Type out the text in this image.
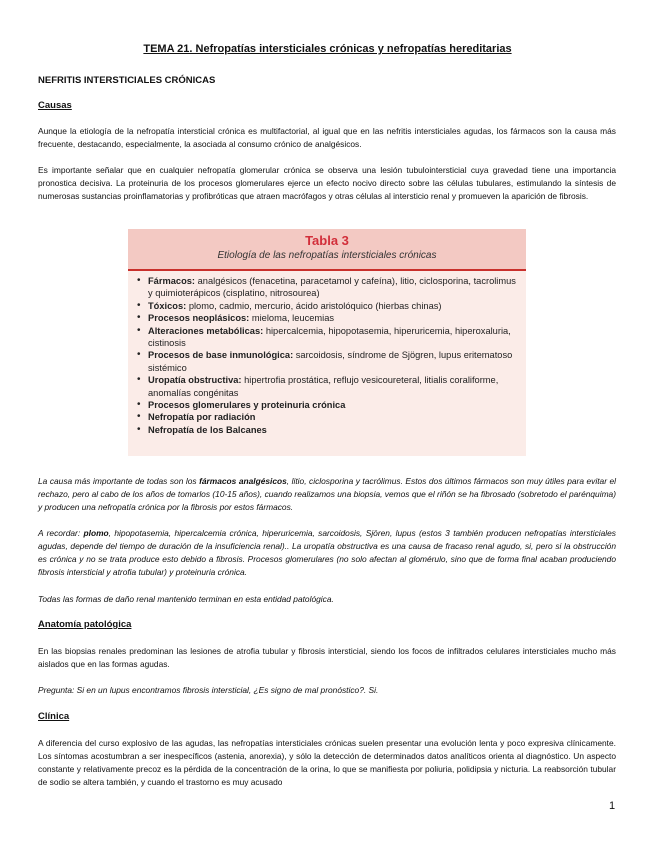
TEMA 21. Nefropatías intersticiales crónicas y nefropatías hereditarias

NEFRITIS INTERSTICIALES CRÓNICAS

Causas

Aunque la etiología de la nefropatía intersticial crónica es multifactorial, al igual que en las nefritis intersticiales agudas, los fármacos son la causa más frecuente, destacando, especialmente, la asociada al consumo crónico de analgésicos.

Es importante señalar que en cualquier nefropatía glomerular crónica se observa una lesión tubulointersticial cuya gravedad tiene una importancia pronostica decisiva. La proteinuria de los procesos glomerulares ejerce un efecto nocivo directo sobre las células tubulares, estimulando la síntesis de numerosas sustancias proinflamatorias y profibróticas que atraen macrófagos y otras células al intersticio renal y promueven la aparición de fibrosis.

Tabla 3
Etiología de las nefropatías intersticiales crónicas
• Fármacos: analgésicos (fenacetina, paracetamol y cafeína), litio, ciclosporina, tacrolimus y quimioterápicos (cisplatino, nitrosourea)
• Tóxicos: plomo, cadmio, mercurio, ácido aristolóquico (hierbas chinas)
• Procesos neoplásicos: mieloma, leucemias
• Alteraciones metabólicas: hipercalcemia, hipopotasemia, hiperuricemia, hiperoxaluria, cistinosis
• Procesos de base inmunológica: sarcoidosis, síndrome de Sjögren, lupus eritematoso sistémico
• Uropatía obstructiva: hipertrofia prostática, reflujo vesicoureteral, litialis coraliforme, anomalías congénitas
• Procesos glomerulares y proteinuria crónica
• Nefropatía por radiación
• Nefropatía de los Balcanes

La causa más importante de todas son los fármacos analgésicos, litio, ciclosporina y tacrólimus. Estos dos últimos fármacos son muy útiles para evitar el rechazo, pero al cabo de los años de tomarlos (10-15 años), cuando realizamos una biopsia, vemos que el riñón se ha fibrosado (sobretodo el parénquima) y producen una nefropatía crónica por la fibrosis por estos fármacos.

A recordar: plomo, hipopotasemia, hipercalcemia crónica, hiperuricemia, sarcoidosis, Sjören, lupus (estos 3 también producen nefropatías intersticiales agudas, depende del tiempo de duración de la insuficiencia renal).. La uropatía obstructiva es una causa de fracaso renal agudo, si, pero si la obstrucción es crónica y no se trata produce esto debido a fibrosis. Procesos glomerulares (no solo afectan al glomérulo, sino que de forma final acaban produciendo fibrosis intersticial y atrofia tubular) y proteinuria crónica.

Todas las formas de daño renal mantenido terminan en esta entidad patológica.

Anatomía patológica

En las biopsias renales predominan las lesiones de atrofia tubular y fibrosis intersticial, siendo los focos de infiltrados celulares intersticiales mucho más aislados que en las formas agudas.

Pregunta: Si en un lupus encontramos fibrosis intersticial, ¿Es signo de mal pronóstico?. Si.

Clínica

A diferencia del curso explosivo de las agudas, las nefropatías intersticiales crónicas suelen presentar una evolución lenta y poco expresiva clínicamente. Los síntomas acostumbran a ser inespecíficos (astenia, anorexia), y sólo la detección de determinados datos analíticos orienta al diagnóstico. Un aspecto constante y relativamente precoz es la pérdida de la concentración de la orina, lo que se manifiesta por poliuria, polidipsia y nicturia. La reabsorción tubular de sodio se altera también, y cuando el trastorno es muy acusado

1
